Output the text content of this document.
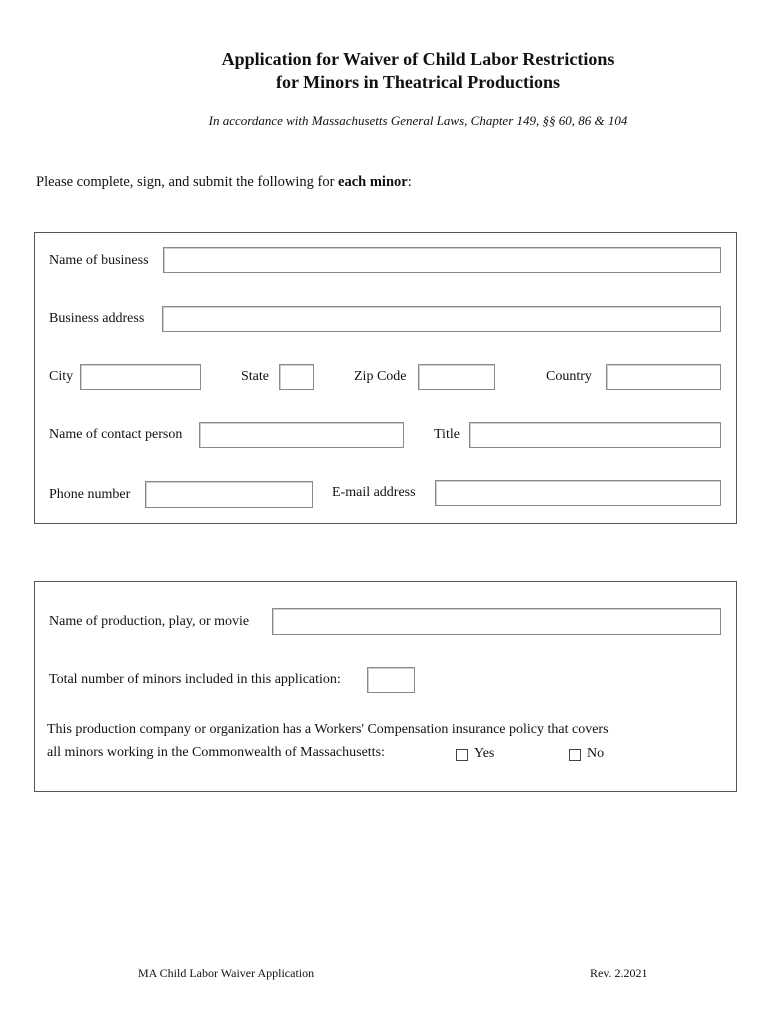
Application for Waiver of Child Labor Restrictions
for Minors in Theatrical Productions
In accordance with Massachusetts General Laws, Chapter 149, §§ 60, 86 & 104
Please complete, sign, and submit the following for each minor:
Name of business
Business address
City	State	Zip Code	Country
Name of contact person	Title
Phone number	E-mail address
Name of production, play, or movie
Total number of minors included in this application:
This production company or organization has a Workers' Compensation insurance policy that covers
all minors working in the Commonwealth of Massachusetts:	Yes	No
MA Child Labor Waiver Application	Rev. 2.2021
